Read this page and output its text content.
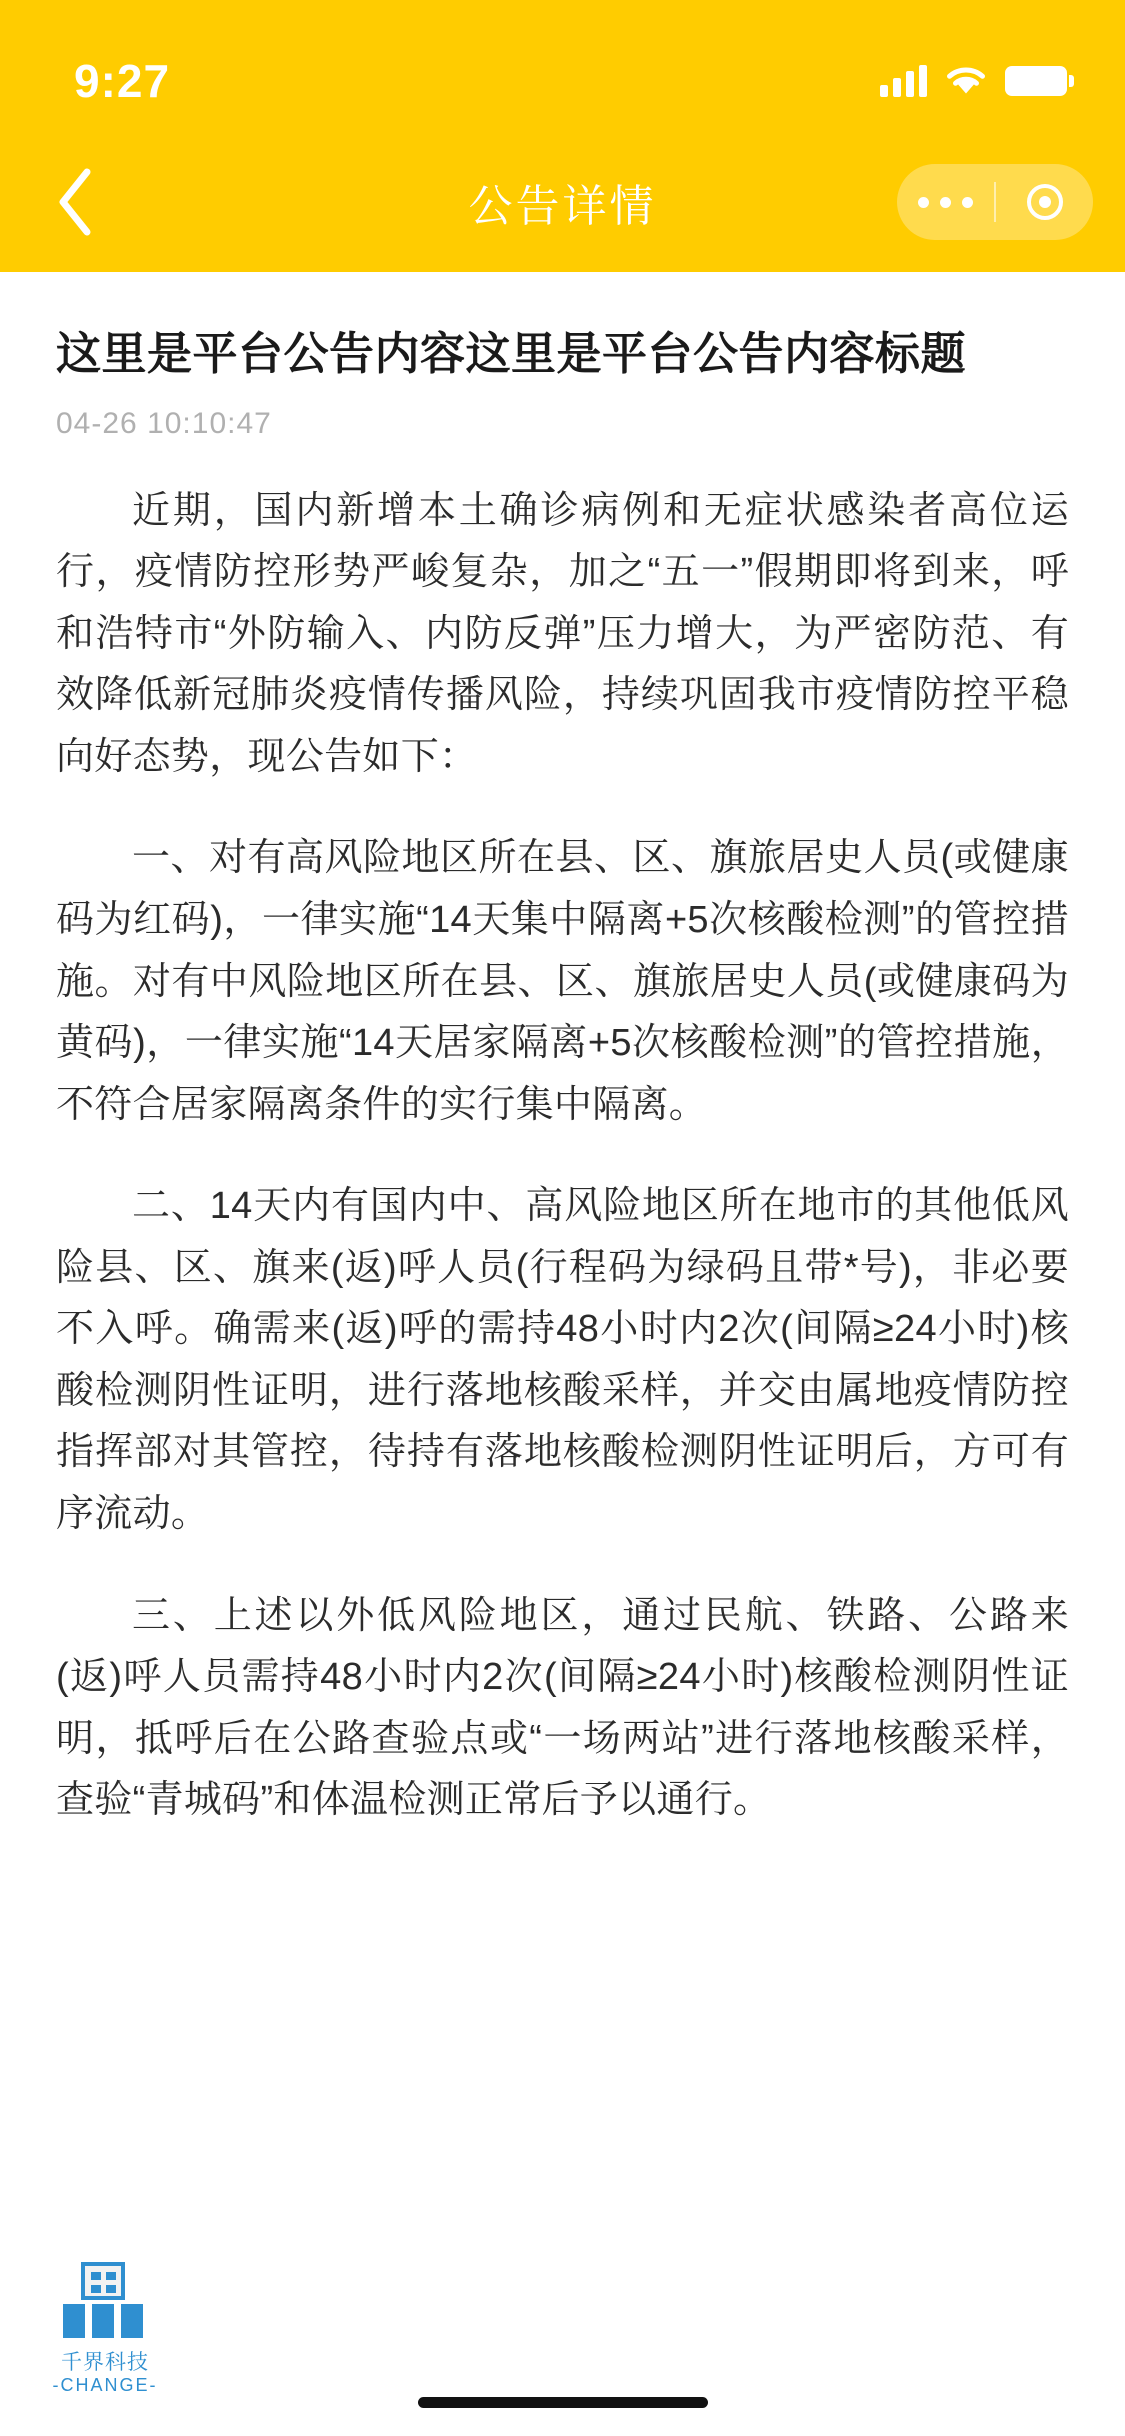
9:27
公告详情
这里是平台公告内容这里是平台公告内容标题
04-26 10:10:47

近期，国内新增本土确诊病例和无症状感染者高位运行，疫情防控形势严峻复杂，加之“五一”假期即将到来，呼和浩特市“外防输入、内防反弹”压力增大，为严密防范、有效降低新冠肺炎疫情传播风险，持续巩固我市疫情防控平稳向好态势，现公告如下：

一、对有高风险地区所在县、区、旗旅居史人员(或健康码为红码)，一律实施“14天集中隔离+5次核酸检测”的管控措施。对有中风险地区所在县、区、旗旅居史人员(或健康码为黄码)，一律实施“14天居家隔离+5次核酸检测”的管控措施，不符合居家隔离条件的实行集中隔离。

二、14天内有国内中、高风险地区所在地市的其他低风险县、区、旗来(返)呼人员(行程码为绿码且带*号)，非必要不入呼。确需来(返)呼的需持48小时内2次(间隔≥24小时)核酸检测阴性证明，进行落地核酸采样，并交由属地疫情防控指挥部对其管控，待持有落地核酸检测阴性证明后，方可有序流动。

三、上述以外低风险地区，通过民航、铁路、公路来(返)呼人员需持48小时内2次(间隔≥24小时)核酸检测阴性证明，抵呼后在公路查验点或“一场两站”进行落地核酸采样，查验“青城码”和体温检测正常后予以通行。

千界科技
-CHANGE-
